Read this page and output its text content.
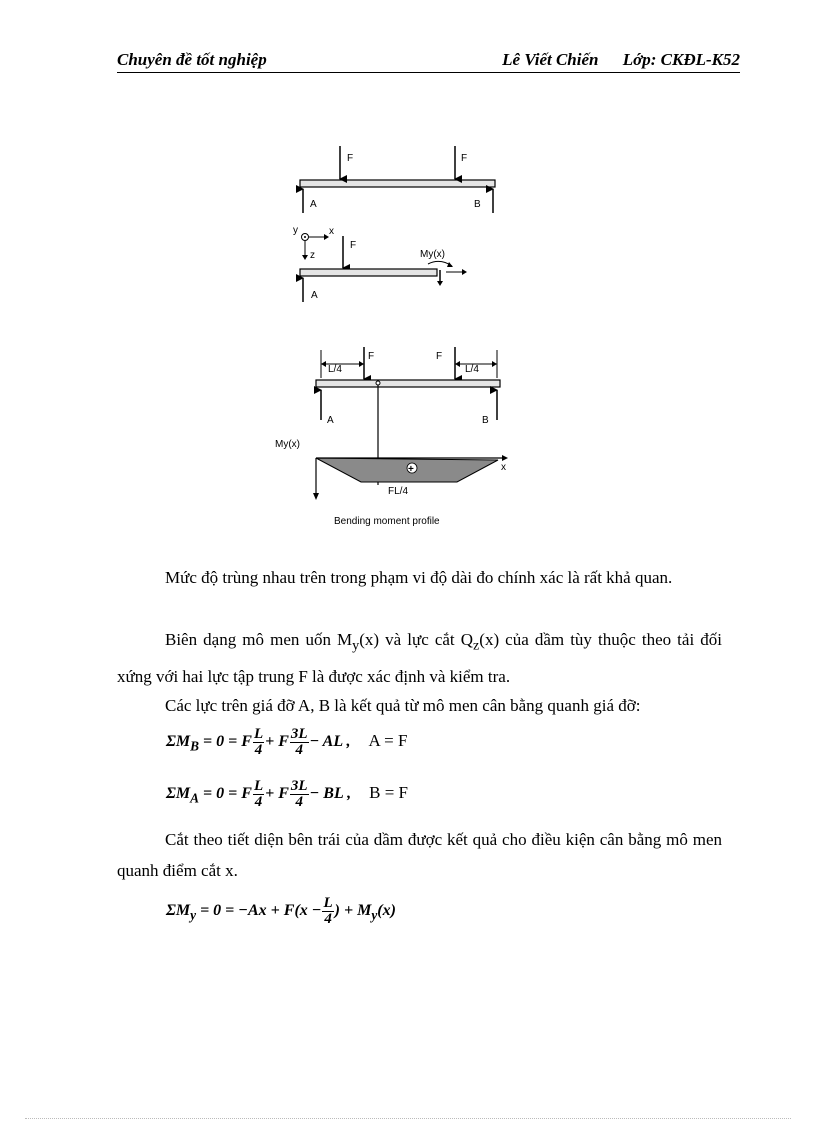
Chuyên đề tốt nghiệp	Lê Viết Chiến Lớp: CKĐL-K52
F	F
A	B
y	x
z
F
My(x)
A
L/4
F	F
L/4
A	B
My(x)
x
+
FL/4
Bending moment profile
Mức độ trùng nhau trên trong phạm vi độ dài đo chính xác là rất khả quan.
Biên dạng mô men uốn $M_y(x)$ và lực cắt $Q_z(x)$ của dầm tùy thuộc theo tải đối xứng với hai lực tập trung F là được xác định và kiểm tra.
Các lực trên giá đỡ A, B là kết quả từ mô men cân bằng quanh giá đỡ:
$\Sigma M_B = 0 = F \frac{L}{4} + F \frac{3L}{4}$ − AL , A = F
$\Sigma M_A = 0 = F \frac{L}{4} + F \frac{3L}{4}$ − BL , B = F
Cắt theo tiết diện bên trái của dầm được kết quả cho điều kiện cân bằng mô men quanh điểm cắt x.
$\Sigma M_y = 0 = -Ax + F(x - \frac{L}{4}$ ) + $M_y(x)$
